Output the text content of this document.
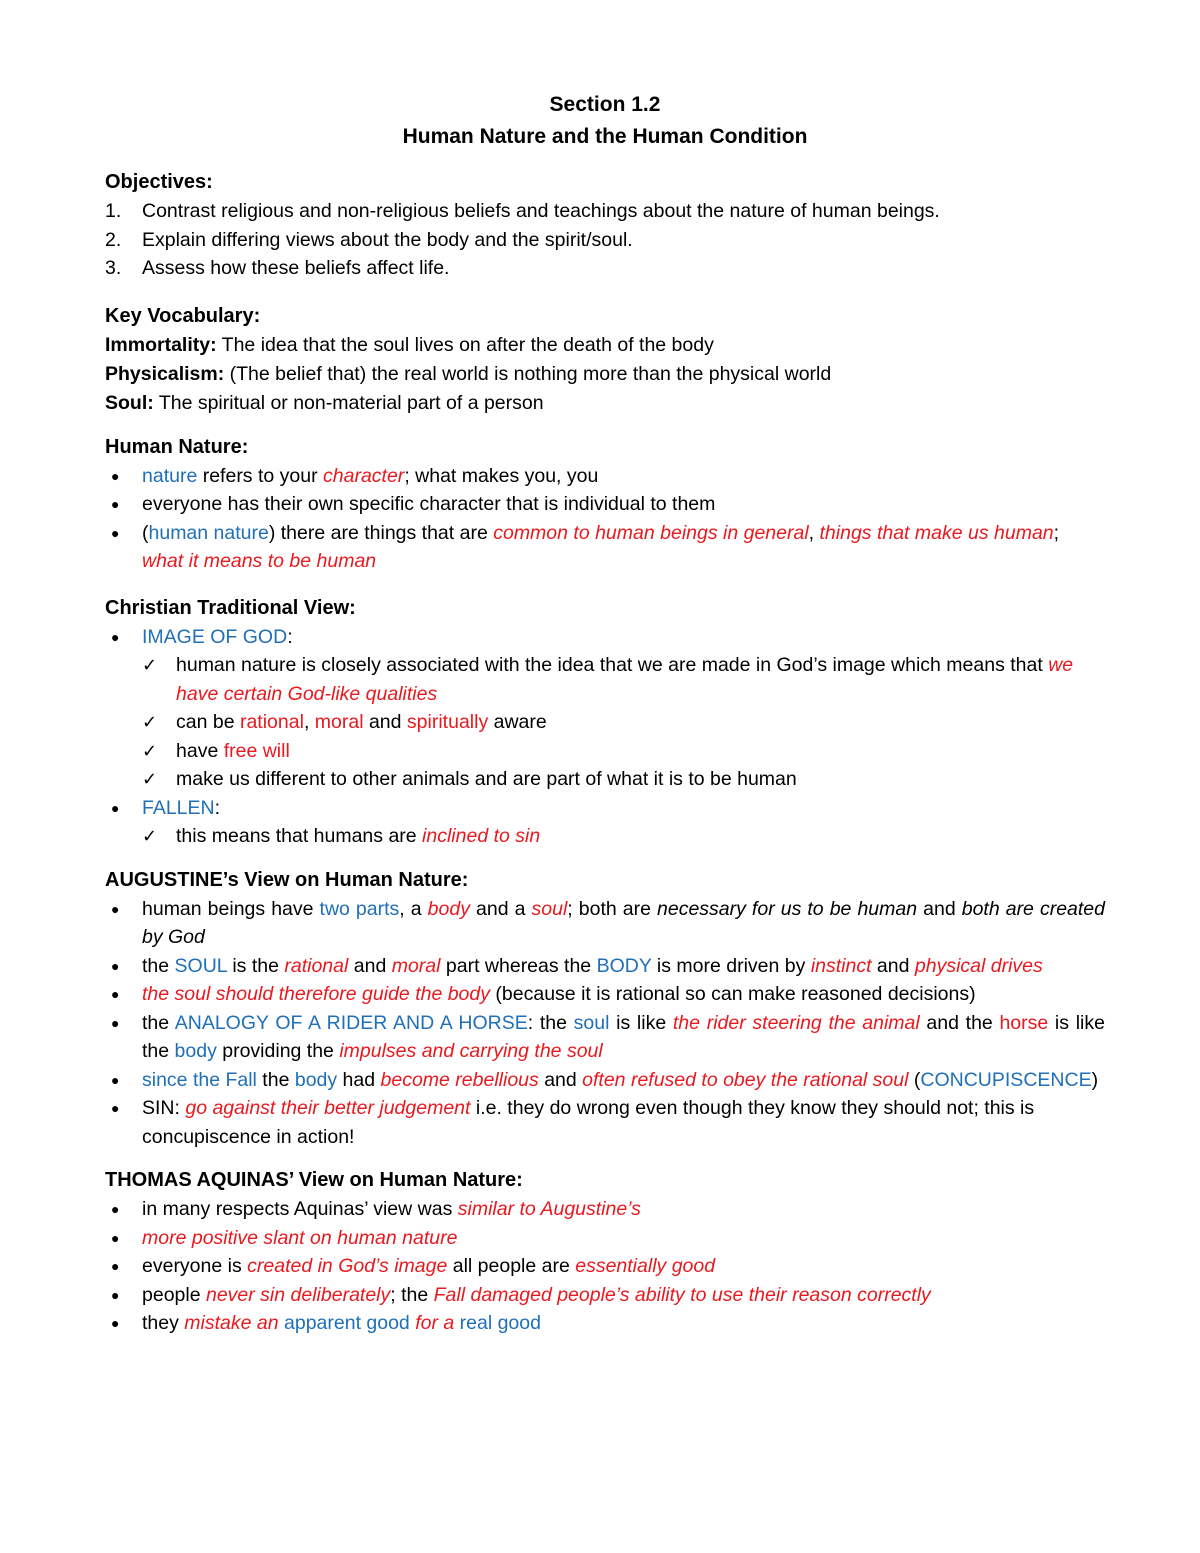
Section 1.2
Human Nature and the Human Condition

Objectives:

1. Contrast religious and non-religious beliefs and teachings about the nature of human beings.

2. Explain differing views about the body and the spirit/soul.

3. Assess how these beliefs affect life.

Key Vocabulary:

Immortality: The idea that the soul lives on after the death of the body

Physicalism: (The belief that) the real world is nothing more than the physical world

Soul: The spiritual or non-material part of a person

Human Nature:

● nature refers to your character; what makes you, you

● everyone has their own specific character that is individual to them

● (human nature) there are things that are common to human beings in general, things that make us human; what it means to be human

Christian Traditional View:

● IMAGE OF GOD:

✓ human nature is closely associated with the idea that we are made in God’s image which means that we have certain God-like qualities

✓ can be rational, moral and spiritually aware

✓ have free will

✓ make us different to other animals and are part of what it is to be human

● FALLEN:

✓ this means that humans are inclined to sin

AUGUSTINE’s View on Human Nature:

● human beings have two parts, a body and a soul; both are necessary for us to be human and both are created by God

● the SOUL is the rational and moral part whereas the BODY is more driven by instinct and physical drives

● the soul should therefore guide the body (because it is rational so can make reasoned decisions)

● the ANALOGY OF A RIDER AND A HORSE: the soul is like the rider steering the animal and the horse is like the body providing the impulses and carrying the soul

● since the Fall the body had become rebellious and often refused to obey the rational soul (CONCUPISCENCE)

● SIN: go against their better judgement i.e. they do wrong even though they know they should not; this is concupiscence in action!

THOMAS AQUINAS’ View on Human Nature:

● in many respects Aquinas’ view was similar to Augustine’s

● more positive slant on human nature

● everyone is created in God’s image all people are essentially good

● people never sin deliberately; the Fall damaged people’s ability to use their reason correctly

● they mistake an apparent good for a real good
